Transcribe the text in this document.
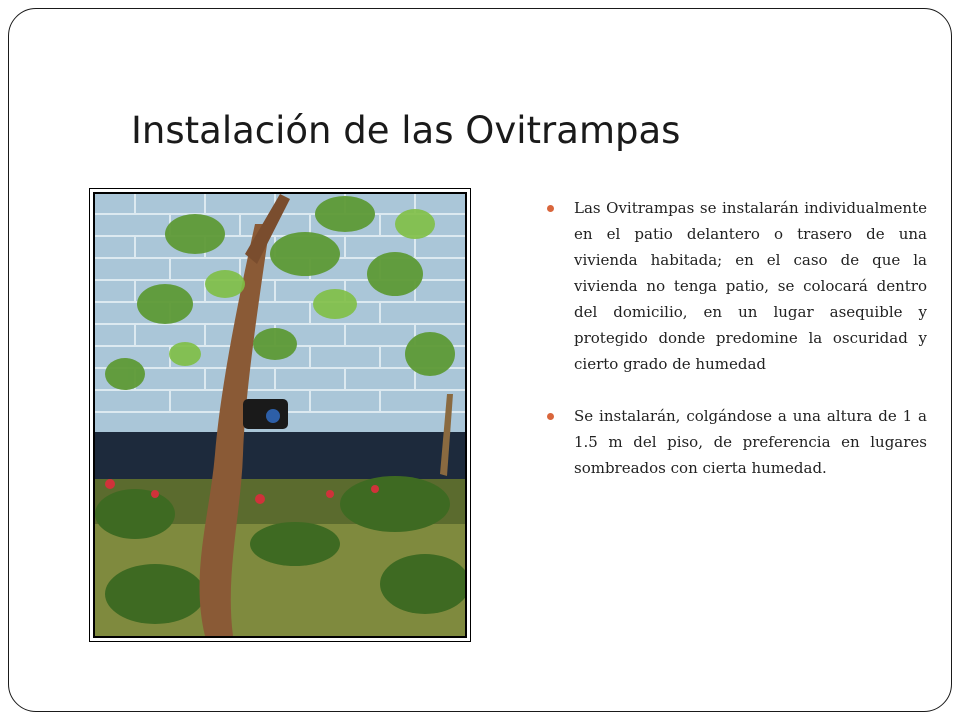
Instalación de las Ovitrampas
Las Ovitrampas se instalarán individualmente en el patio delantero o trasero de una vivienda habitada; en el caso de que la vivienda no tenga patio, se colocará dentro del domicilio, en un lugar asequible y protegido donde predomine la oscuridad y cierto grado de humedad
Se instalarán, colgándose a una altura de 1 a 1.5 m del piso, de preferencia en lugares sombreados con cierta humedad.
